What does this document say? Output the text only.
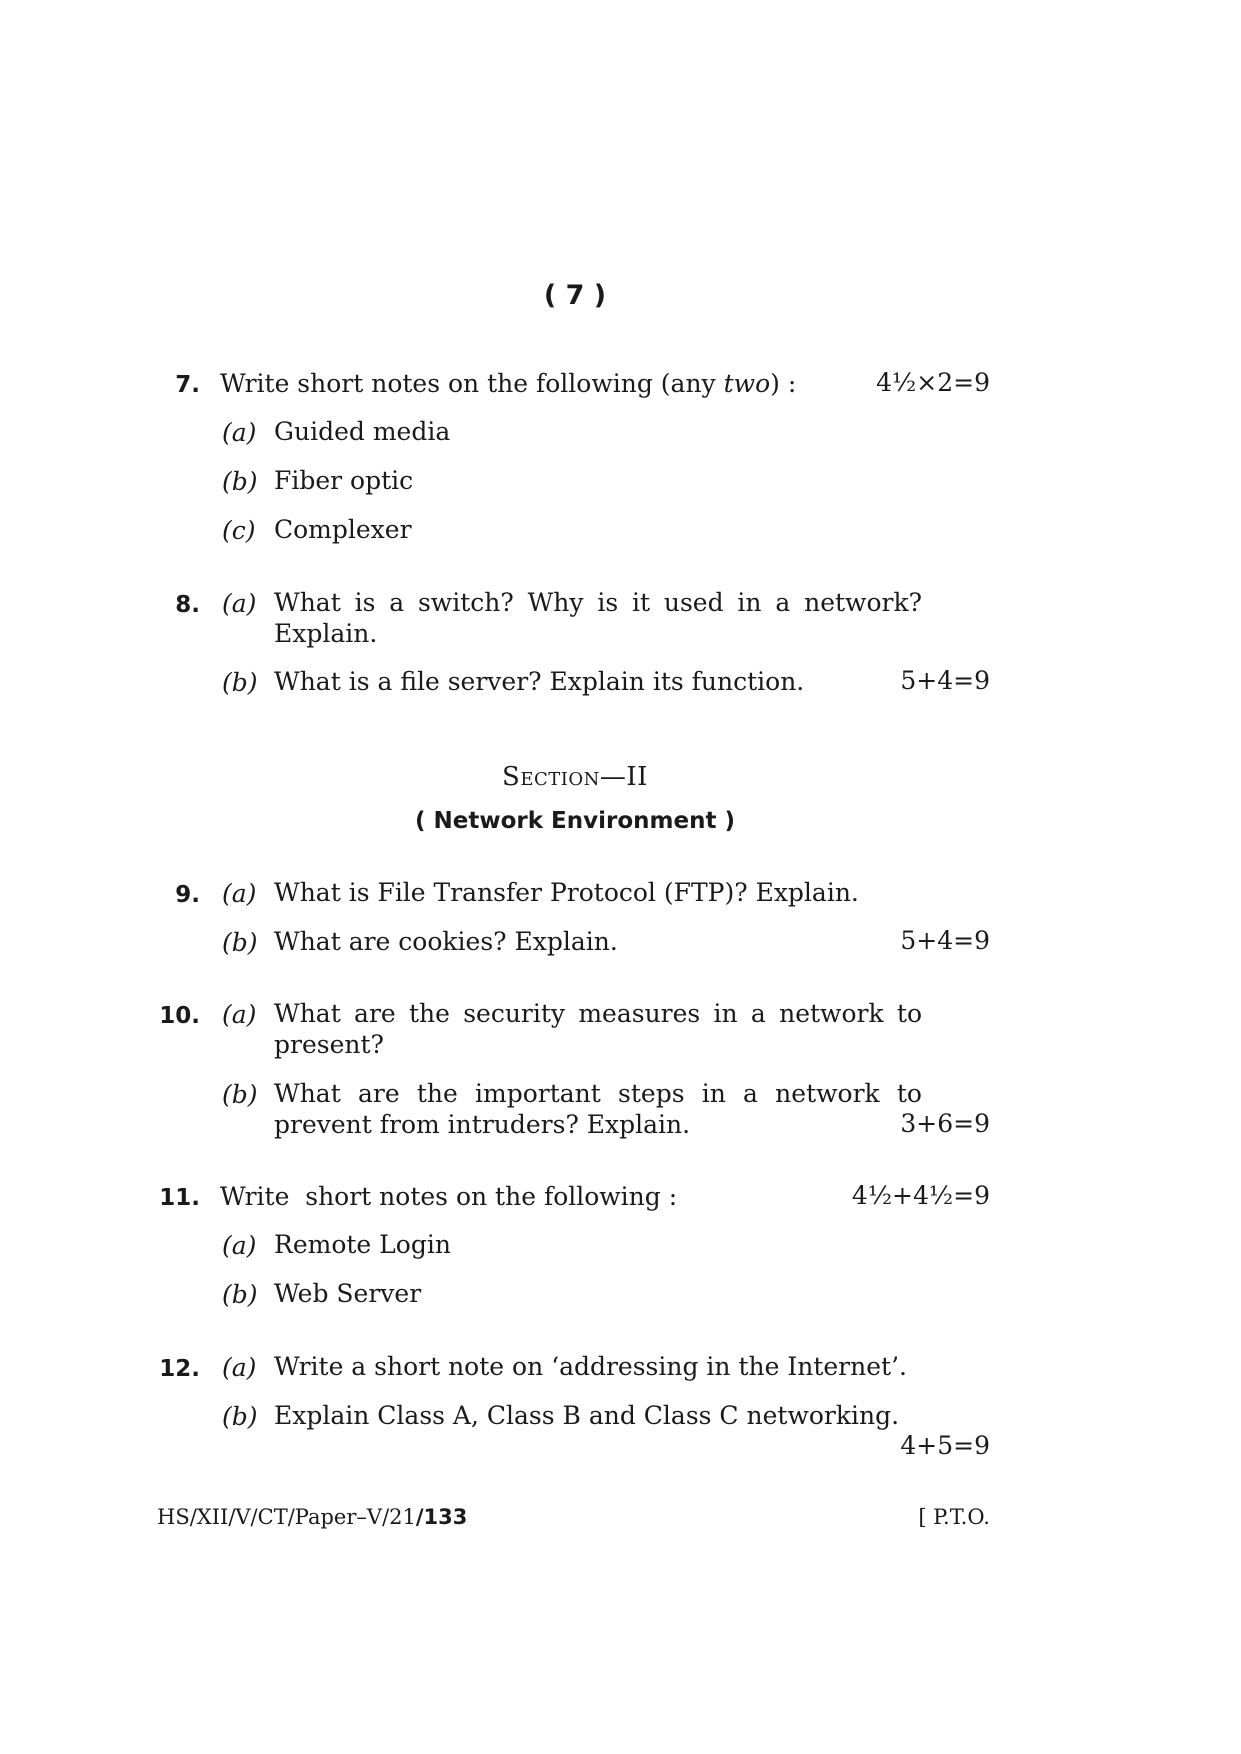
( 7 )
7. Write short notes on the following (any two) :	4½×2=9
(a) Guided media
(b) Fiber optic
(c) Complexer
8. (a) What is a switch? Why is it used in a network?
Explain.
(b) What is a file server? Explain its function.	5+4=9
Section—II
( Network Environment )
9. (a) What is File Transfer Protocol (FTP)? Explain.
(b) What are cookies? Explain.	5+4=9
10. (a) What are the security measures in a network to
present?
(b) What are the important steps in a network to
prevent from intruders? Explain.	3+6=9
11. Write  short notes on the following :	4½+4½=9
(a) Remote Login
(b) Web Server
12. (a) Write a short note on ‘addressing in the Internet’.
(b) Explain Class A, Class B and Class C networking.
4+5=9
HS/XII/V/CT/Paper–V/21/133	[ P.T.O.
